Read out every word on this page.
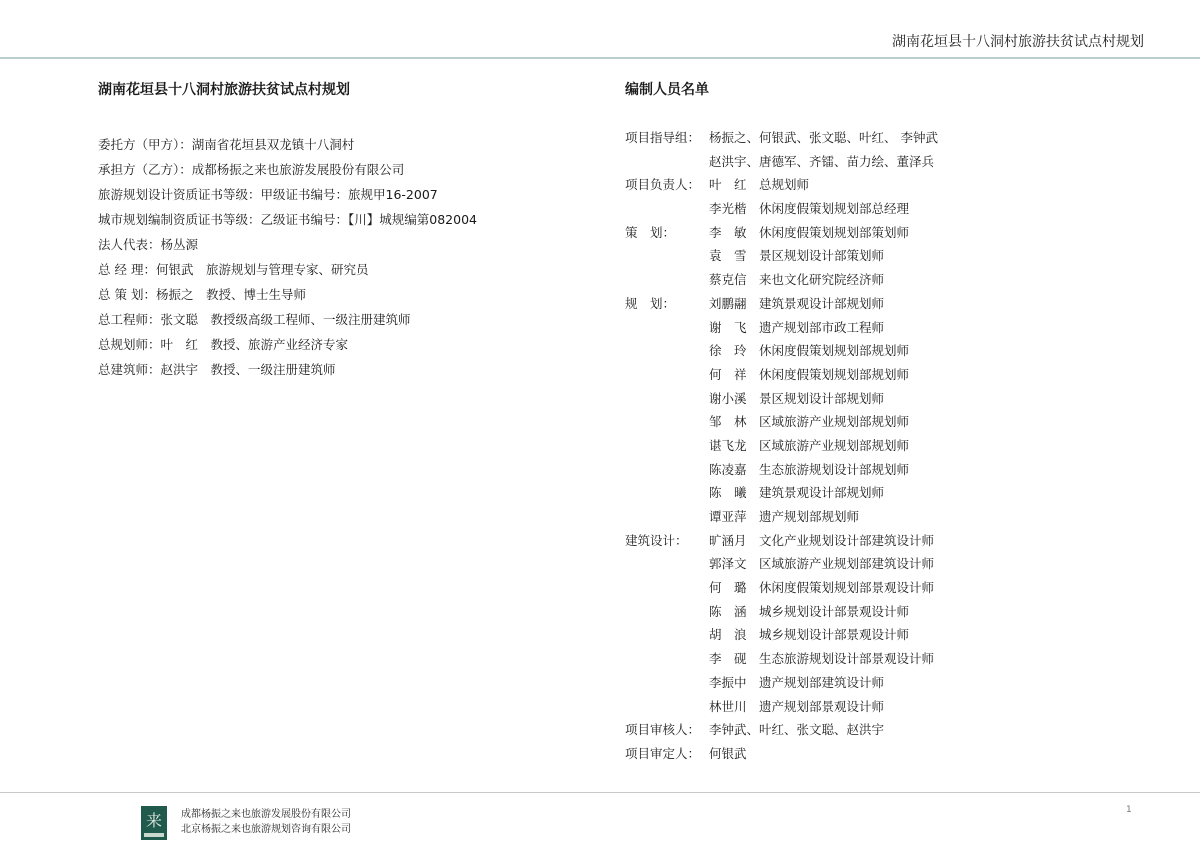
湖南花垣县十八洞村旅游扶贫试点村规划
湖南花垣县十八洞村旅游扶贫试点村规划
委托方（甲方）：湖南省花垣县双龙镇十八洞村
承担方（乙方）：成都杨振之来也旅游发展股份有限公司
旅游规划设计资质证书等级：甲级证书编号：旅规甲16-2007
城市规划编制资质证书等级：乙级证书编号：【川】城规编第082004
法人代表：杨丛源
总 经 理：何银武　旅游规划与管理专家、研究员
总 策 划：杨振之　教授、博士生导师
总工程师：张文聪　教授级高级工程师、一级注册建筑师
总规划师：叶　红　教授、旅游产业经济专家
总建筑师：赵洪宇　教授、一级注册建筑师
编制人员名单
项目指导组： 杨振之、何银武、张文聪、叶红、 李钟武
赵洪宇、唐德军、齐镭、苗力绘、董泽兵
项目负责人： 叶　红　总规划师
李光楷　休闲度假策划规划部总经理
策　划：	李　敏　休闲度假策划规划部策划师
袁　雪　景区规划设计部策划师
蔡克信　来也文化研究院经济师
规　划：	刘鹏翮　建筑景观设计部规划师
谢　飞　遗产规划部市政工程师
徐　玲　休闲度假策划规划部规划师
何　祥　休闲度假策划规划部规划师
谢小溪　景区规划设计部规划师
邹　林　区域旅游产业规划部规划师
谌飞龙　区域旅游产业规划部规划师
陈凌嘉　生态旅游规划设计部规划师
陈　曦　建筑景观设计部规划师
谭亚萍　遗产规划部规划师
建筑设计：	旷涵月　文化产业规划设计部建筑设计师
郭泽文　区域旅游产业规划部建筑设计师
何　璐　休闲度假策划规划部景观设计师
陈　涵　城乡规划设计部景观设计师
胡　浪　城乡规划设计部景观设计师
李　砚　生态旅游规划设计部景观设计师
李振中　遗产规划部建筑设计师
林世川　遗产规划部景观设计师
项目审核人： 李钟武、叶红、张文聪、赵洪宇
项目审定人： 何银武
来	成都杨振之来也旅游发展股份有限公司
北京杨振之来也旅游规划咨询有限公司
1
